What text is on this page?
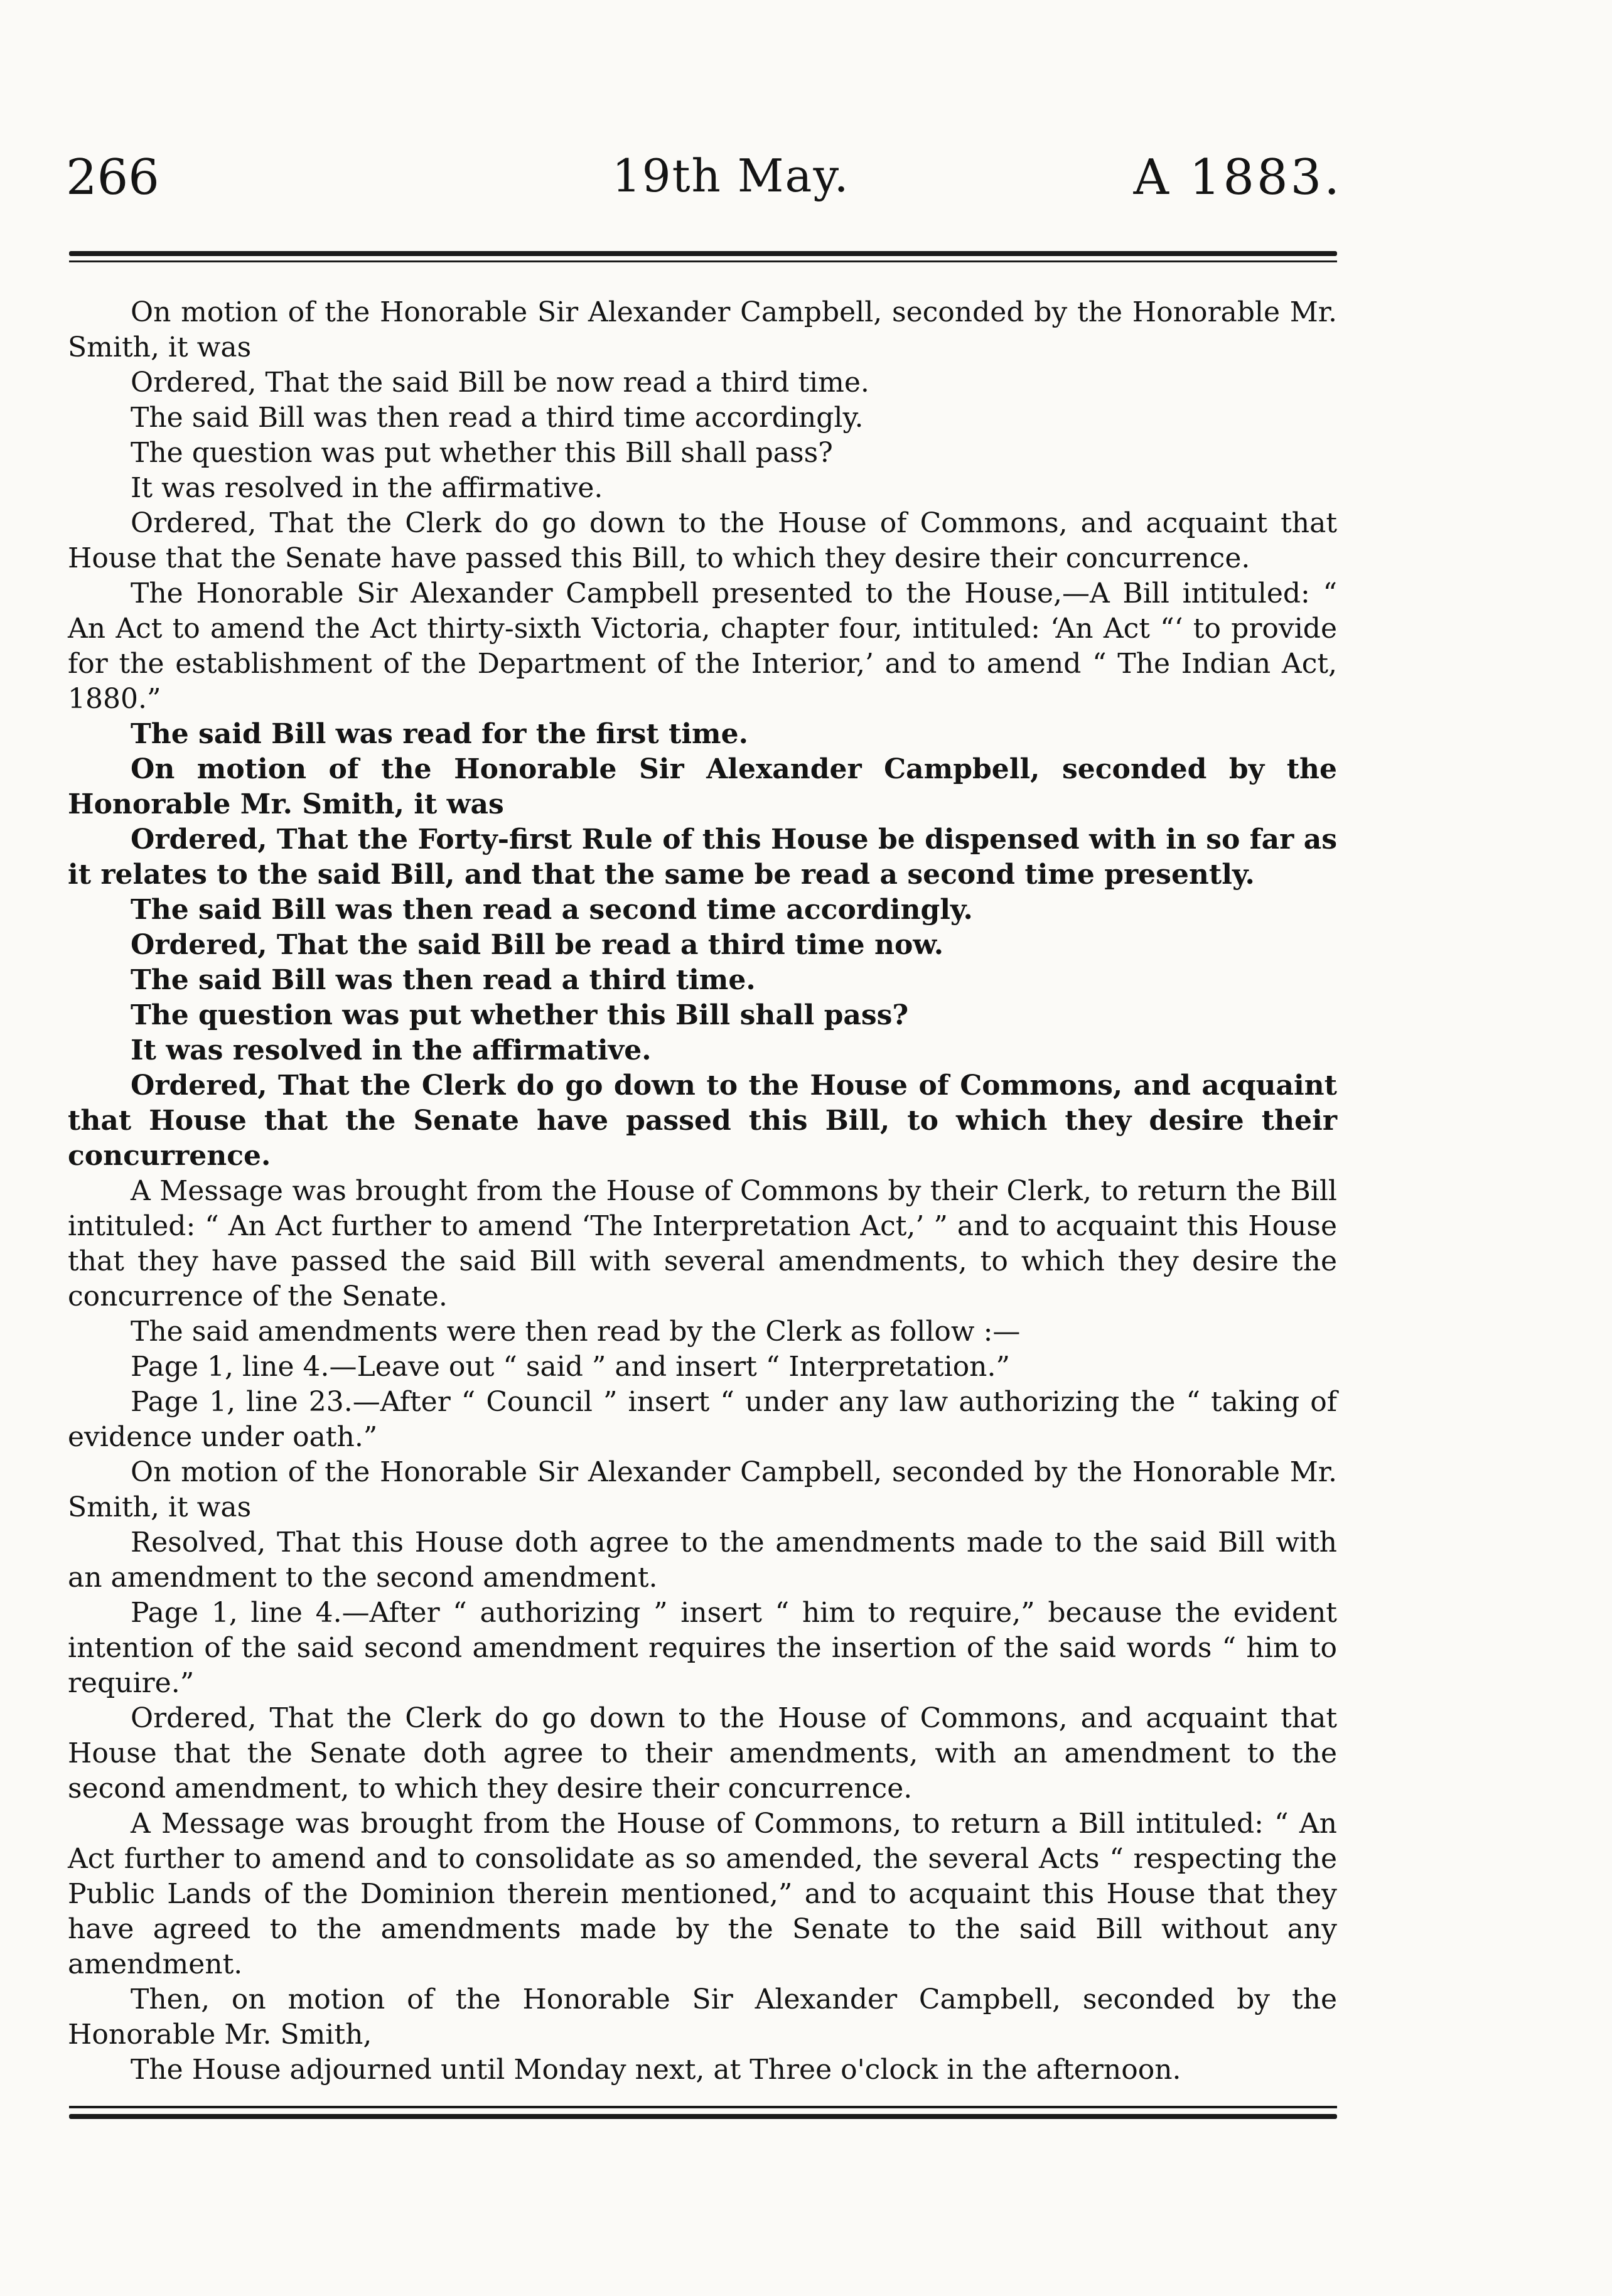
266	19th May.	A 1883.

On motion of the Honorable Sir Alexander Campbell, seconded by the Honorable Mr. Smith, it was

Ordered, That the said Bill be now read a third time.

The said Bill was then read a third time accordingly.

The question was put whether this Bill shall pass?

It was resolved in the affirmative.

Ordered, That the Clerk do go down to the House of Commons, and acquaint that House that the Senate have passed this Bill, to which they desire their concurrence.

The Honorable Sir Alexander Campbell presented to the House,—A Bill intituled: “ An Act to amend the Act thirty-sixth Victoria, chapter four, intituled: ‘An Act “‘ to provide for the establishment of the Department of the Interior,’ and to amend “ The Indian Act, 1880.”

The said Bill was read for the first time.

On motion of the Honorable Sir Alexander Campbell, seconded by the Honorable Mr. Smith, it was

Ordered, That the Forty-first Rule of this House be dispensed with in so far as it relates to the said Bill, and that the same be read a second time presently.

The said Bill was then read a second time accordingly.

Ordered, That the said Bill be read a third time now.

The said Bill was then read a third time.

The question was put whether this Bill shall pass?

It was resolved in the affirmative.

Ordered, That the Clerk do go down to the House of Commons, and acquaint that House that the Senate have passed this Bill, to which they desire their concurrence.

A Message was brought from the House of Commons by their Clerk, to return the Bill intituled: “ An Act further to amend ‘The Interpretation Act,’ ” and to acquaint this House that they have passed the said Bill with several amendments, to which they desire the concurrence of the Senate.

The said amendments were then read by the Clerk as follow :—

Page 1, line 4.—Leave out “ said ” and insert “ Interpretation.”

Page 1, line 23.—After “ Council ” insert “ under any law authorizing the “ taking of evidence under oath.”

On motion of the Honorable Sir Alexander Campbell, seconded by the Honorable Mr. Smith, it was

Resolved, That this House doth agree to the amendments made to the said Bill with an amendment to the second amendment.

Page 1, line 4.—After “ authorizing ” insert “ him to require,” because the evident intention of the said second amendment requires the insertion of the said words “ him to require.”

Ordered, That the Clerk do go down to the House of Commons, and acquaint that House that the Senate doth agree to their amendments, with an amendment to the second amendment, to which they desire their concurrence.

A Message was brought from the House of Commons, to return a Bill intituled: “ An Act further to amend and to consolidate as so amended, the several Acts “ respecting the Public Lands of the Dominion therein mentioned,” and to acquaint this House that they have agreed to the amendments made by the Senate to the said Bill without any amendment.

Then, on motion of the Honorable Sir Alexander Campbell, seconded by the Honorable Mr. Smith,

The House adjourned until Monday next, at Three o'clock in the afternoon.
